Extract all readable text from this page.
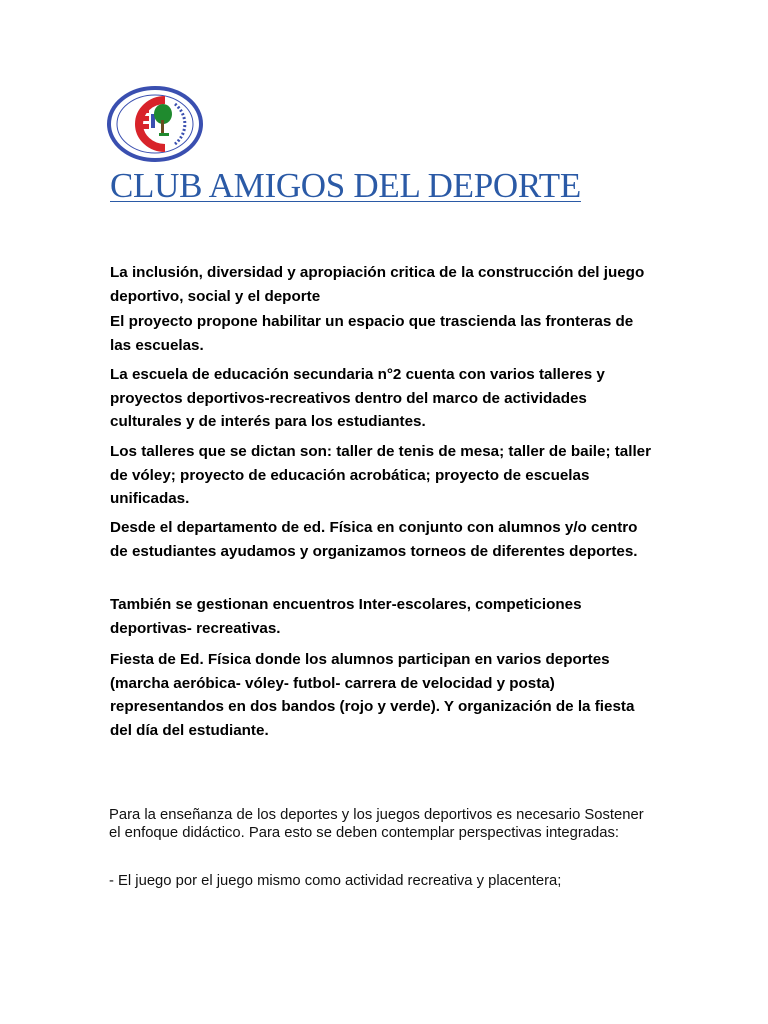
CLUB AMIGOS DEL DEPORTE

La inclusión, diversidad y apropiación critica de la construcción del juego deportivo, social y el deporte

El proyecto propone habilitar un espacio que trascienda las fronteras de las escuelas.

La escuela de educación secundaria n°2 cuenta con varios talleres y proyectos deportivos-recreativos dentro del marco de actividades culturales y de interés para los estudiantes.

Los talleres que se dictan son: taller de tenis de mesa; taller de baile; taller de vóley; proyecto de educación acrobática; proyecto de escuelas unificadas.

Desde el departamento de ed. Física en conjunto con alumnos y/o centro de estudiantes ayudamos y organizamos torneos de diferentes deportes.

También se gestionan encuentros Inter-escolares, competiciones deportivas- recreativas.

Fiesta de Ed. Física donde los alumnos participan en varios deportes (marcha aeróbica- vóley- futbol- carrera de velocidad y posta) representandos en dos bandos (rojo y verde). Y organización de la fiesta del día del estudiante.

Para la enseñanza de los deportes y los juegos deportivos es necesario Sostener el enfoque didáctico. Para esto se deben contemplar perspectivas integradas:

- El juego por el juego mismo como actividad recreativa y placentera;
